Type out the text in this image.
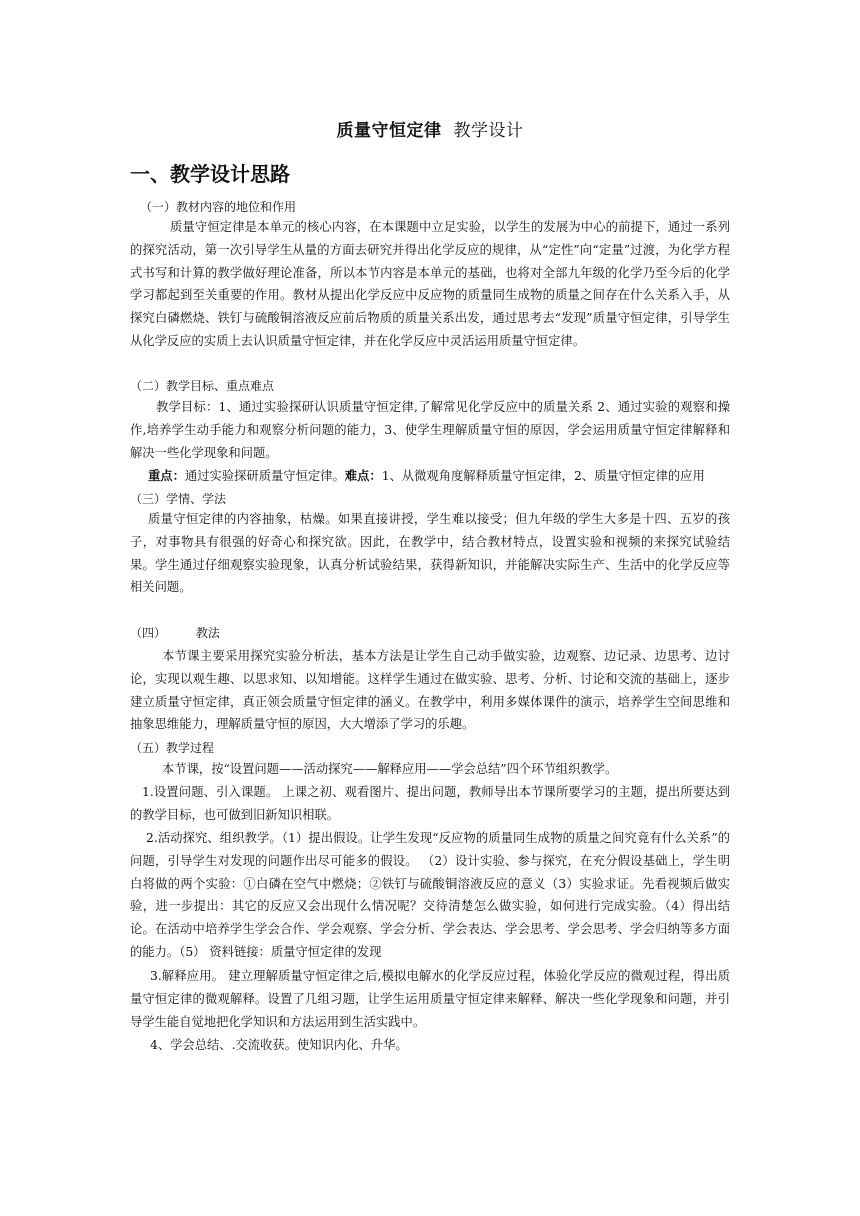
质量守恒定律 教学设计
一、教学设计思路
（一）教材内容的地位和作用
质量守恒定律是本单元的核心内容，在本课题中立足实验，以学生的发展为中心的前提下，通过一系列的探究活动，第一次引导学生从量的方面去研究并得出化学反应的规律，从“定性”向“定量”过渡，为化学方程式书写和计算的教学做好理论准备，所以本节内容是本单元的基础，也将对全部九年级的化学乃至今后的化学学习都起到至关重要的作用。教材从提出化学反应中反应物的质量同生成物的质量之间存在什么关系入手，从探究白磷燃烧、铁钉与硫酸铜溶液反应前后物质的质量关系出发，通过思考去“发现”质量守恒定律，引导学生从化学反应的实质上去认识质量守恒定律，并在化学反应中灵活运用质量守恒定律。
（二）教学目标、重点难点
教学目标：1、通过实验探研认识质量守恒定律,了解常见化学反应中的质量关系 2、通过实验的观察和操作,培养学生动手能力和观察分析问题的能力，3、使学生理解质量守恒的原因，学会运用质量守恒定律解释和解决一些化学现象和问题。
重点：通过实验探研质量守恒定律。难点：1、从微观角度解释质量守恒定律，2、质量守恒定律的应用
（三）学情、学法
质量守恒定律的内容抽象，枯燥。如果直接讲授，学生难以接受；但九年级的学生大多是十四、五岁的孩子，对事物具有很强的好奇心和探究欲。因此，在教学中，结合教材特点，设置实验和视频的来探究试验结果。学生通过仔细观察实验现象，认真分析试验结果，获得新知识，并能解决实际生产、生活中的化学反应等相关问题。
（四） 教法
本节课主要采用探究实验分析法，基本方法是让学生自己动手做实验，边观察、边记录、边思考、边讨论，实现以观生趣、以思求知、以知增能。这样学生通过在做实验、思考、分析、讨论和交流的基础上，逐步建立质量守恒定律，真正领会质量守恒定律的涵义。在教学中，利用多媒体课件的演示，培养学生空间思维和抽象思维能力，理解质量守恒的原因，大大增添了学习的乐趣。
（五）教学过程
本节课，按“设置问题——活动探究——解释应用——学会总结”四个环节组织教学。
1.设置问题、引入课题。 上课之初、观看图片、提出问题，教师导出本节课所要学习的主题，提出所要达到的教学目标，也可做到旧新知识相联。
2.活动探究、组织教学。（1）提出假设。让学生发现“反应物的质量同生成物的质量之间究竟有什么关系”的问题，引导学生对发现的问题作出尽可能多的假设。 （2）设计实验、参与探究，在充分假设基础上，学生明白将做的两个实验：①白磷在空气中燃烧；②铁钉与硫酸铜溶液反应的意义（3）实验求证。先看视频后做实验，进一步提出：其它的反应又会出现什么情况呢？交待清楚怎么做实验，如何进行完成实验。（4）得出结论。在活动中培养学生学会合作、学会观察、学会分析、学会表达、学会思考、学会思考、学会归纳等多方面的能力。（5） 资料链接：质量守恒定律的发现
3.解释应用。 建立理解质量守恒定律之后,模拟电解水的化学反应过程，体验化学反应的微观过程，得出质量守恒定律的微观解释。设置了几组习题，让学生运用质量守恒定律来解释、解决一些化学现象和问题，并引导学生能自觉地把化学知识和方法运用到生活实践中。
4、学会总结、.交流收获。使知识内化、升华。
